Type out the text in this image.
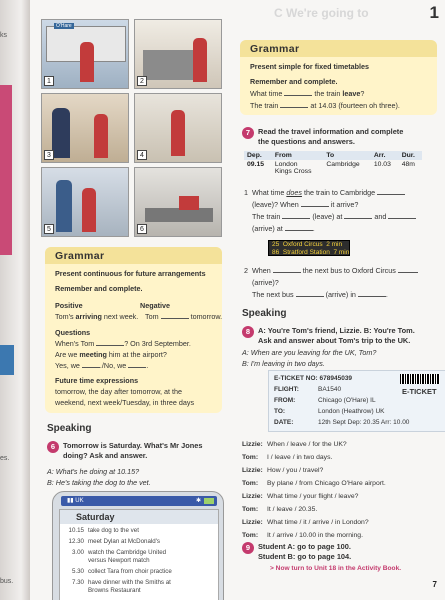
ks
es.
bus.
C We're going to	1
O'Hare
1	2
3	4
5	6
Grammar
Present continuous for future arrangements
Remember and complete.
Positive	Negative
Tom's arriving next week. Tom	tomorrow.
Questions
When's Tom	? On 3rd September.
Are we meeting him at the airport?
Yes, we	./No, we	.
Future time expressions
tomorrow, the day after tomorrow, at the
weekend, next week/Tuesday, in three days
Speaking
6	Tomorrow is Saturday. What's Mr Jones
doing? Ask and answer.
A: What's he doing at 10.15?
B: He's taking the dog to the vet.
▮▮ UK	✱
Saturday
10.15 take dog to the vet
12.30 meet Dylan at McDonald's
3.00 watch the Cambridge United
versus Newport match
5.30 collect Tara from choir practice
7.30 have dinner with the Smiths at
Browns Restaurant
Grammar
Present simple for fixed timetables
Remember and complete.
What time	the train leave?
The train	at 14.03 (fourteen oh three).
7	Read the travel information and complete
the questions and answers.
Dep.	From	To	Arr.	Dur.
09.15	London
Kings Cross	Cambridge	10.03	48m
1 What time does the train to Cambridge
(leave)? When	it arrive?
The train	(leave) at	and
(arrive) at	.
25 Oxford Circus 2 min
86 Stratford Station 7 min
2 When	the next bus to Oxford Circus
(arrive)?
The next bus	(arrive) in	.
Speaking
8	A: You're Tom's friend, Lizzie. B: You're Tom.
Ask and answer about Tom's trip to the UK.
A: When are you leaving for the UK, Tom?
B: I'm leaving in two days.
E-TICKET NO: 678945039
E-TICKET
FLIGHT:	BA1540
FROM:	Chicago (O'Hare) IL
TO:	London (Heathrow) UK
DATE:	12th Sept Dep: 20.35 Arr: 10.00
Lizzie: When / leave / for the UK?
Tom: I / leave / in two days.
Lizzie: How / you / travel?
Tom: By plane / from Chicago O'Hare airport.
Lizzie: What time / your flight / leave?
Tom: It / leave / 20.35.
Lizzie: What time / it / arrive / in London?
Tom: It / arrive / 10.00 in the morning.
9	Student A: go to page 100.
Student B: go to page 104.
> Now turn to Unit 18 in the Activity Book.
7
